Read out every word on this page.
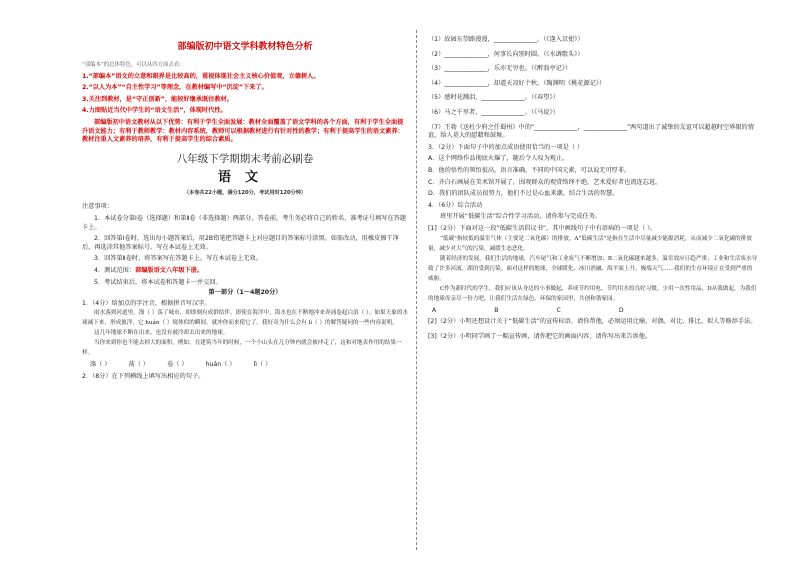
部编版初中语文学科教材特色分析

“部编本”的总体特色，可以从四方面去看：

1.“部编本”语文的立意和眼界是比较高的，重视体现社会主义核心价值观，立德树人。

2.“以人为本”“自主性学习”等理念，在教材编写中“沉淀”下来了。

3.关注到教材，是“守正创新”，能较好继承既往教材。

4.力图贴近当代中学生的“语文生活”，体现时代性。

部编版初中语文教材从以下优势：有利于学生全面发展：教材全面覆盖了语文学科的各个方面，有利于学生全面提升语文能力；有利于教师教学：教材内容系统，教师可以根据教材进行有针对性的教学；有利于提高学生的语文素养：教材注重人文素养的培养，有利于提高学生的综合素质。

八年级下学期期末考前必刷卷
语文
（本卷共22小题，满分120分，考试用时120分钟）

注意事项：

1．本试卷分第Ⅰ卷（选择题）和第Ⅱ卷（非选择题）两部分。答卷前，考生务必将自己的姓名、准考证号填写在答题卡上。

2．回答第Ⅰ卷时，选出每小题答案后，用2B铅笔把答题卡上对应题目的答案标号涂黑。如需改动，用橡皮擦干净后，再选涂其他答案标号。写在本试卷上无效。

3．回答第Ⅱ卷时，将答案写在答题卡上。写在本试卷上无效。

4．测试范围：部编版语文八年级下册。

5．考试结束后，将本试卷和答题卡一并交回。

第一部分（1～4题20分）

1．（4分）给加点的字注音，根据拼音写汉字。

雨水落到河道里，涤（ ）荡了城市，却即刻有成群结伴。即使在海洋中，海水也在不断地冲来奔涌卷起白浪（ ）。如果天象的水球减下来，形成旅洋，它 huán（ ）境体似的瞬间，就冲你而来使它了。我好奇为什么会有 lì（ ）的解答疑问的一些内容说明。

这几年地球不断在出来，也没有被冷却去出来的地球。

当你来到你也不能去掉大的面积。例如，在建筑当年的时候，一个小山头在几分钟内就会被冲走了，这和对地表作用的结果一样。

涤（ ）	荡（ ）	卷（ ）	huán（ ）	lì（ ）

2．（8分）在下列横线上填写出相应的句子。

（1）故园东望路漫漫，______________。（《逢入京使》）

（2）______________，何事长向别时圆。（《水调歌头》）

（3）______________，乐亦无穷也。（《醉翁亭记》）

（4）______________，却道天凉好个秋。（陶渊明《桃花源记》）

（5）感时花溅泪，______________。（《春望》）

（6）马之千里者，______________。（《马说》）

（7）王勃《送杜少府之任蜀州》中的“______________，______________”两句道出了诚挚的友谊可以超越时空界限的情谊，给人莫大的慰藉和鼓舞。

3．（2分）下面句子中的加点成语使用恰当的一项是（ ）

A．这个网络作品彻底火爆了，随后令人叹为观止。

B．他的悟性的领悟很高，语言准确，不同的中国元素，可以说无可厚非。

C．齐白石画展在美术馆开展了，围观群众的观赏络绎不绝，艺术爱好者也流连忘返。

D．我们的团队成员很努力，他们不过是心血来潮，结合生活的智慧。

4．（6分）综合活动

班里开展“低碳生活”综合性学习活动，请你参与完成任务。

[1]（2分）下面对这一段“低碳生活倡议书”，其中画线句子中有语病的一项是（ ）。

“低碳”指较低的温室气体（主要是二氧化碳）的排放。A“低碳生活”是指在生活中尽量减少能源消耗，从而减少二氧化碳的排放量，减少对大气的污染，减缓生态恶化。

随着经济的发展，我们生活的地球，汽车尾气和工业废气不断增加；B二氧化碳越来越多，温室效应日趋严重；工业和生活废水导致了许多河流、湖泊受到污染。面对这样的地球，全球暖化、冰川消融、海平面上升、极端天气……我们的生存环境正在受到严重的威胁。

C作为新时代的学生，我们应该从身边的小事做起，养成节约用电、节约用水的良好习惯，少用一次性用品，D从我做起，为我们的地球母亲尽一份力吧，让我们生活在绿色、环保的家园里，共创和谐家园。

A	B	C	D

[2]（2分）小明还想设计关于“低碳生活”的宣传标语，请你帮他，必须运用比喻、对偶、对比、排比、拟人等修辞手法。

[3]（2分）小明同学画了一幅宣传画，请你把它的画面内容，请你写出来告诉他。
